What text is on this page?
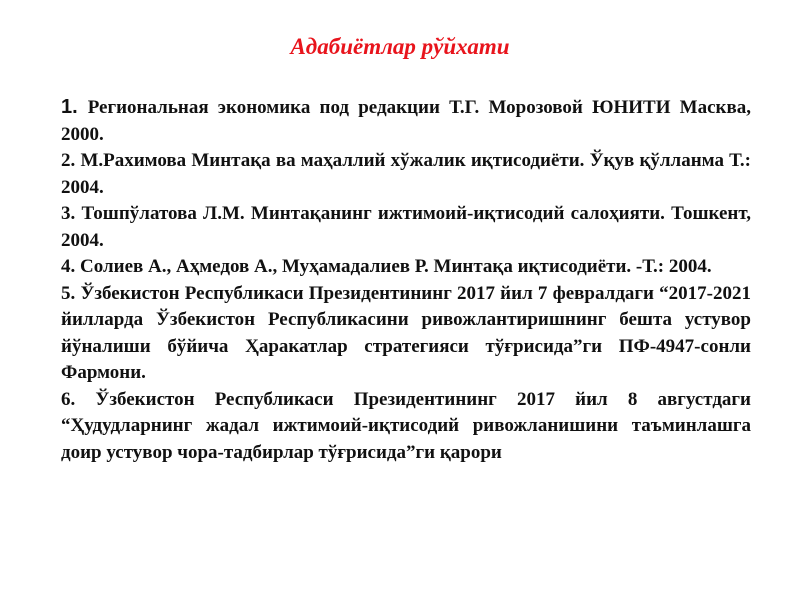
Адабиётлар рўйхати
1. Региональная экономика под редакции Т.Г. Морозовой ЮНИТИ Масква, 2000.
2. М.Рахимова Минтақа ва маҳаллий хўжалик иқтисодиёти. Ўқув қўлланма Т.: 2004.
3. Тошпўлатова Л.М. Минтақанинг ижтимоий-иқтисодий салоҳияти. Тошкент, 2004.
4. Солиев А., Аҳмедов А., Муҳамадалиев Р. Минтақа иқтисодиёти. -Т.: 2004.
5. Ўзбекистон Республикаси Президентининг 2017 йил 7 февралдаги “2017-2021 йилларда Ўзбекистон Республикасини ривожлантиришнинг бешта устувор йўналиши бўйича Ҳаракатлар стратегияси тўғрисида”ги ПФ-4947-сонли Фармони.
6. Ўзбекистон Республикаси Президентининг 2017 йил 8 августдаги “Ҳудудларнинг жадал ижтимоий-иқтисодий ривожланишини таъминлашга доир устувор чора-тадбирлар тўғрисида”ги қарори
